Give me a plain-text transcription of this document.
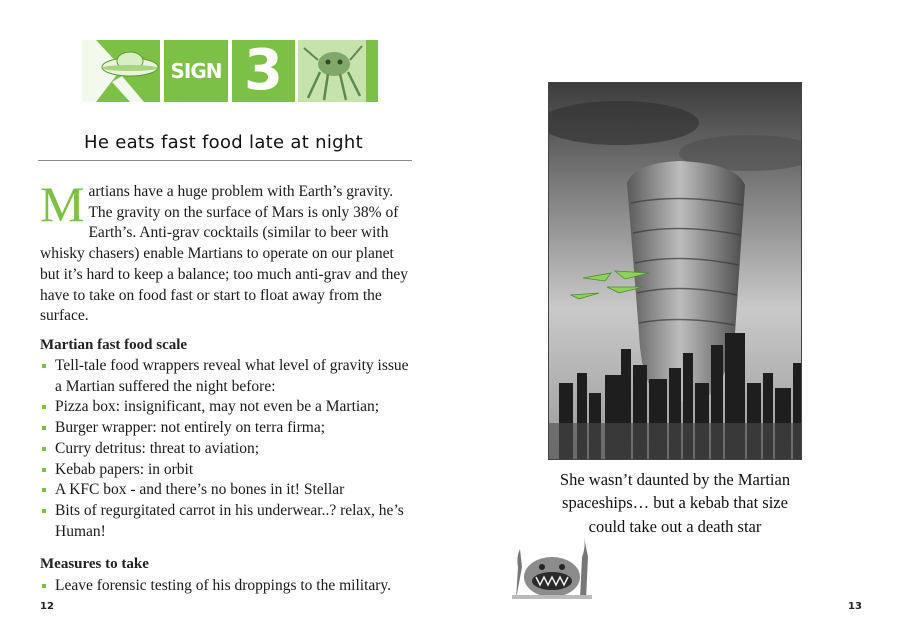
SIGN 3
He eats fast food late at night
Martians have a huge problem with Earth’s gravity. The gravity on the surface of Mars is only 38% of Earth’s. Anti-grav cocktails (similar to beer with whisky chasers) enable Martians to operate on our planet but it’s hard to keep a balance; too much anti-grav and they have to take on food fast or start to float away from the surface.
Martian fast food scale
Tell-tale food wrappers reveal what level of gravity issue a Martian suffered the night before:
Pizza box: insignificant, may not even be a Martian;
Burger wrapper: not entirely on terra firma;
Curry detritus: threat to aviation;
Kebab papers: in orbit
A KFC box - and there’s no bones in it! Stellar
Bits of regurgitated carrot in his underwear..? relax, he’s Human!
Measures to take
Leave forensic testing of his droppings to the military.
12
She wasn’t daunted by the Martian spaceships… but a kebab that size could take out a death star
13
